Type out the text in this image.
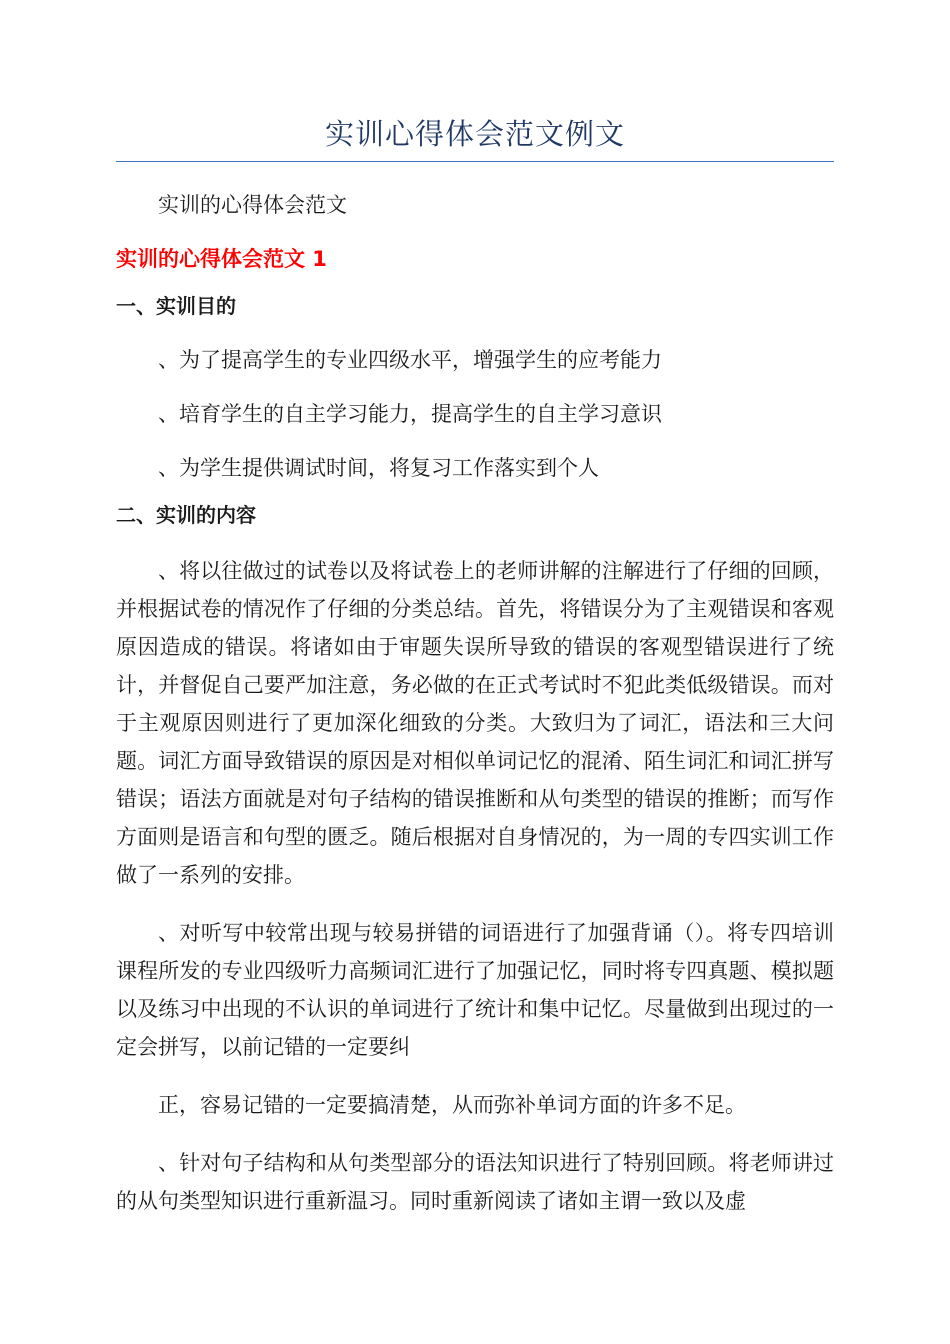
实训心得体会范文例文
实训的心得体会范文
实训的心得体会范文 1
一、实训目的
、为了提高学生的专业四级水平，增强学生的应考能力
、培育学生的自主学习能力，提高学生的自主学习意识
、为学生提供调试时间，将复习工作落实到个人
二、实训的内容
、将以往做过的试卷以及将试卷上的老师讲解的注解进行了仔细的回顾，并根据试卷的情况作了仔细的分类总结。首先，将错误分为了主观错误和客观原因造成的错误。将诸如由于审题失误所导致的错误的客观型错误进行了统计，并督促自己要严加注意，务必做的在正式考试时不犯此类低级错误。而对于主观原因则进行了更加深化细致的分类。大致归为了词汇，语法和三大问题。词汇方面导致错误的原因是对相似单词记忆的混淆、陌生词汇和词汇拼写错误；语法方面就是对句子结构的错误推断和从句类型的错误的推断；而写作方面则是语言和句型的匮乏。随后根据对自身情况的，为一周的专四实训工作做了一系列的安排。
、对听写中较常出现与较易拼错的词语进行了加强背诵（）。将专四培训课程所发的专业四级听力高频词汇进行了加强记忆，同时将专四真题、模拟题以及练习中出现的不认识的单词进行了统计和集中记忆。尽量做到出现过的一定会拼写，以前记错的一定要纠
正，容易记错的一定要搞清楚，从而弥补单词方面的许多不足。
、针对句子结构和从句类型部分的语法知识进行了特别回顾。将老师讲过的从句类型知识进行重新温习。同时重新阅读了诸如主谓一致以及虚
